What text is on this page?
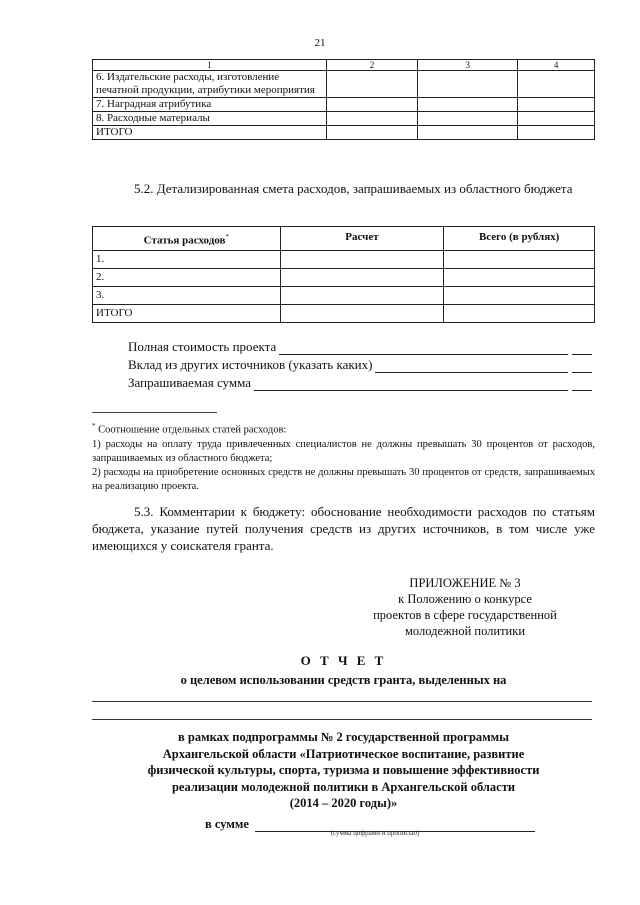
21
1	2	3	4
6. Издательские расходы, изготовление печатной продукции, атрибутики мероприятия			
7. Наградная атрибутика			
8. Расходные материалы			
ИТОГО			
5.2. Детализированная смета расходов, запрашиваемых из областного бюджета
Статья расходов*	Расчет	Всего (в рублях)
1.		
2.		
3.		
ИТОГО		
Полная стоимость проекта
Вклад из других источников (указать каких)
Запрашиваемая сумма

* Соотношение отдельных статей расходов:

1) расходы на оплату труда привлеченных специалистов не должны превышать 30 процентов от расходов, запрашиваемых из областного бюджета;

2) расходы на приобретение основных средств не должны превышать 30 процентов от средств, запрашиваемых на реализацию проекта.

5.3. Комментарии к бюджету: обоснование необходимости расходов по статьям бюджета, указание путей получения средств из других источников, в том числе уже имеющихся у соискателя гранта.
ПРИЛОЖЕНИЕ № 3
к Положению о конкурсе
проектов в сфере государственной
молодежной политики
О Т Ч Е Т
о целевом использовании средств гранта, выделенных на
в рамках подпрограммы № 2 государственной программы
Архангельской области «Патриотическое воспитание, развитие
физической культуры, спорта, туризма и повышение эффективности
реализации молодежной политики в Архангельской области
(2014 – 2020 годы)»
в сумме
(сумма цифрами и прописью)
